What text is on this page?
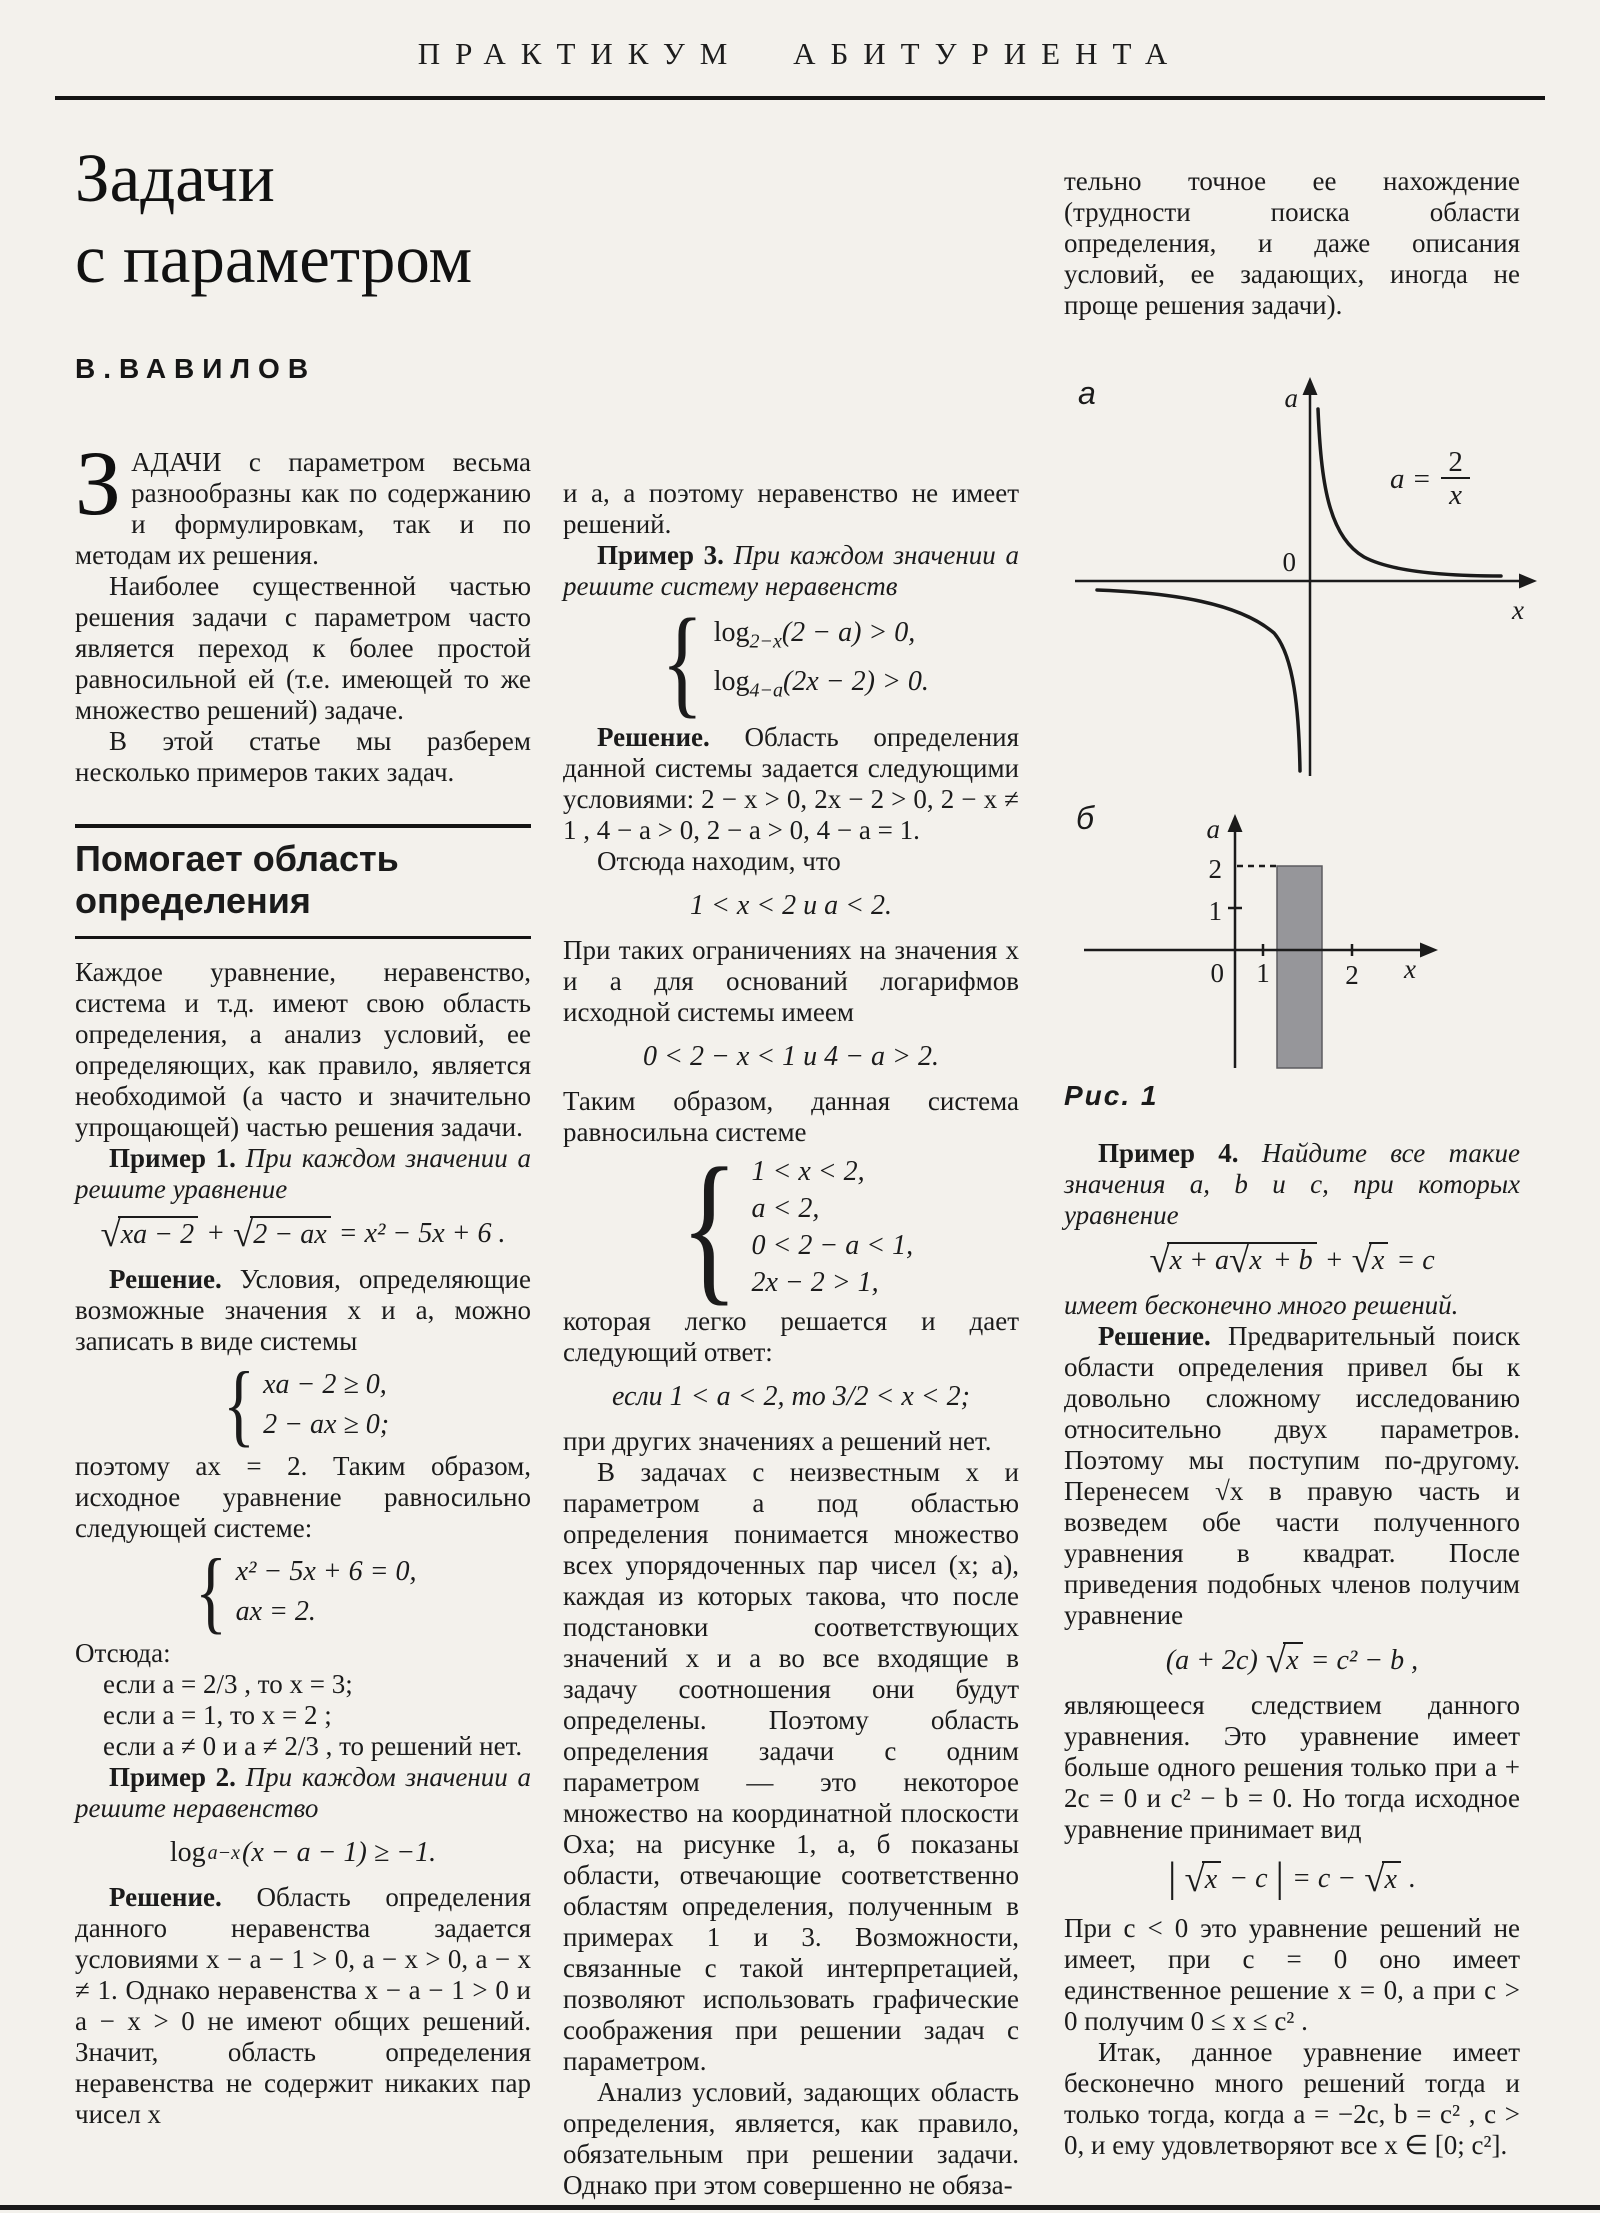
ПРАКТИКУМ АБИТУРИЕНТА
Задачи
с параметром
В.ВАВИЛОВ

ЗАДАЧИ с параметром весьма разнообразны как по содержанию и формулировкам, так и по методам их решения.

Наиболее существенной частью решения задачи с параметром часто является переход к более простой равносильной ей (т.е. имеющей то же множество решений) задаче.

В этой статье мы разберем несколько примеров таких задач.

Помогает область определения

Каждое уравнение, неравенство, система и т.д. имеют свою область определения, а анализ условий, ее определяющих, как правило, является необходимой (а часто и значительно упрощающей) частью решения задачи.

Пример 1. При каждом значении a решите уравнение

√xa − 2 + √2 − ax = x² − 5x + 6 .

Решение. Условия, определяющие возможные значения x и a, можно записать в виде системы

{ xa − 2 ≥ 0,
2 − ax ≥ 0;

поэтому ax = 2. Таким образом, исходное уравнение равносильно следующей системе:

{ x² − 5x + 6 = 0,
ax = 2.

Отсюда:

если a = 2/3 , то x = 3;

если a = 1, то x = 2 ;

если a ≠ 0 и a ≠ 2/3 , то решений нет.

Пример 2. При каждом значении a решите неравенство

log a−x (x − a − 1) ≥ −1.

Решение. Область определения данного неравенства задается условиями x − a − 1 > 0, a − x > 0, a − x ≠ 1. Однако неравенства x − a − 1 > 0 и a − x > 0 не имеют общих решений. Значит, область определения неравенства не содержит никаких пар чисел x

и a, а поэтому неравенство не имеет решений.

Пример 3. При каждом значении a решите систему неравенств

{ $\log_{2-x}(2 - a) > 0$,
$\log_{4-a}(2x - 2) > 0$.

Решение. Область определения данной системы задается следующими условиями: 2 − x > 0, 2x − 2 > 0, 2 − x ≠ 1 , 4 − a > 0, 2 − a > 0, 4 − a = 1.

Отсюда находим, что

1 < x < 2 и a < 2.

При таких ограничениях на значения x и a для оснований логарифмов исходной системы имеем

0 < 2 − x < 1 и 4 − a > 2.

Таким образом, данная система равносильна системе

{ 1 < x < 2,
a < 2,
0 < 2 − a < 1,
2x − 2 > 1,

которая легко решается и дает следующий ответ:

если 1 < a < 2, то 3/2 < x < 2;

при других значениях a решений нет.

В задачах с неизвестным x и параметром a под областью определения понимается множество всех упорядоченных пар чисел (x; a), каждая из которых такова, что после подстановки соответствующих значений x и a во все входящие в задачу соотношения они будут определены. Поэтому область определения задачи с одним параметром — это некоторое множество на координатной плоскости Oxa; на рисунке 1, а, б показаны области, отвечающие соответственно областям определения, полученным в примерах 1 и 3. Возможности, связанные с такой интерпретацией, позволяют использовать графические соображения при решении задач с параметром.

Анализ условий, задающих область определения, является, как правило, обязательным при решении задачи. Однако при этом совершенно не обяза-

тельно точное ее нахождение (трудности поиска области определения, и даже описания условий, ее задающих, иногда не проще решения задачи).

а
0
a
x
$a = \frac{2}{x}$
б
2
1
0 1	2 x
a

Рис. 1

Пример 4. Найдите все такие значения a, b и c, при которых уравнение

√x + a√x + b + √x = c

имеет бесконечно много решений.

Решение. Предварительный поиск области определения привел бы к довольно сложному исследованию относительно двух параметров. Поэтому мы поступим по-другому. Перенесем √x в правую часть и возведем обе части полученного уравнения в квадрат. После приведения подобных членов получим уравнение

(a + 2c) √x = c² − b ,

являющееся следствием данного уравнения. Это уравнение имеет больше одного решения только при a + 2c = 0 и c² − b = 0. Но тогда исходное уравнение принимает вид

| √x − c | = c − √x .

При c < 0 это уравнение решений не имеет, при c = 0 оно имеет единственное решение x = 0, а при c > 0 получим 0 ≤ x ≤ c² .

Итак, данное уравнение имеет бесконечно много решений тогда и только тогда, когда a = −2c, b = c² , c > 0, и ему удовлетворяют все x ∈ [0; c²].
